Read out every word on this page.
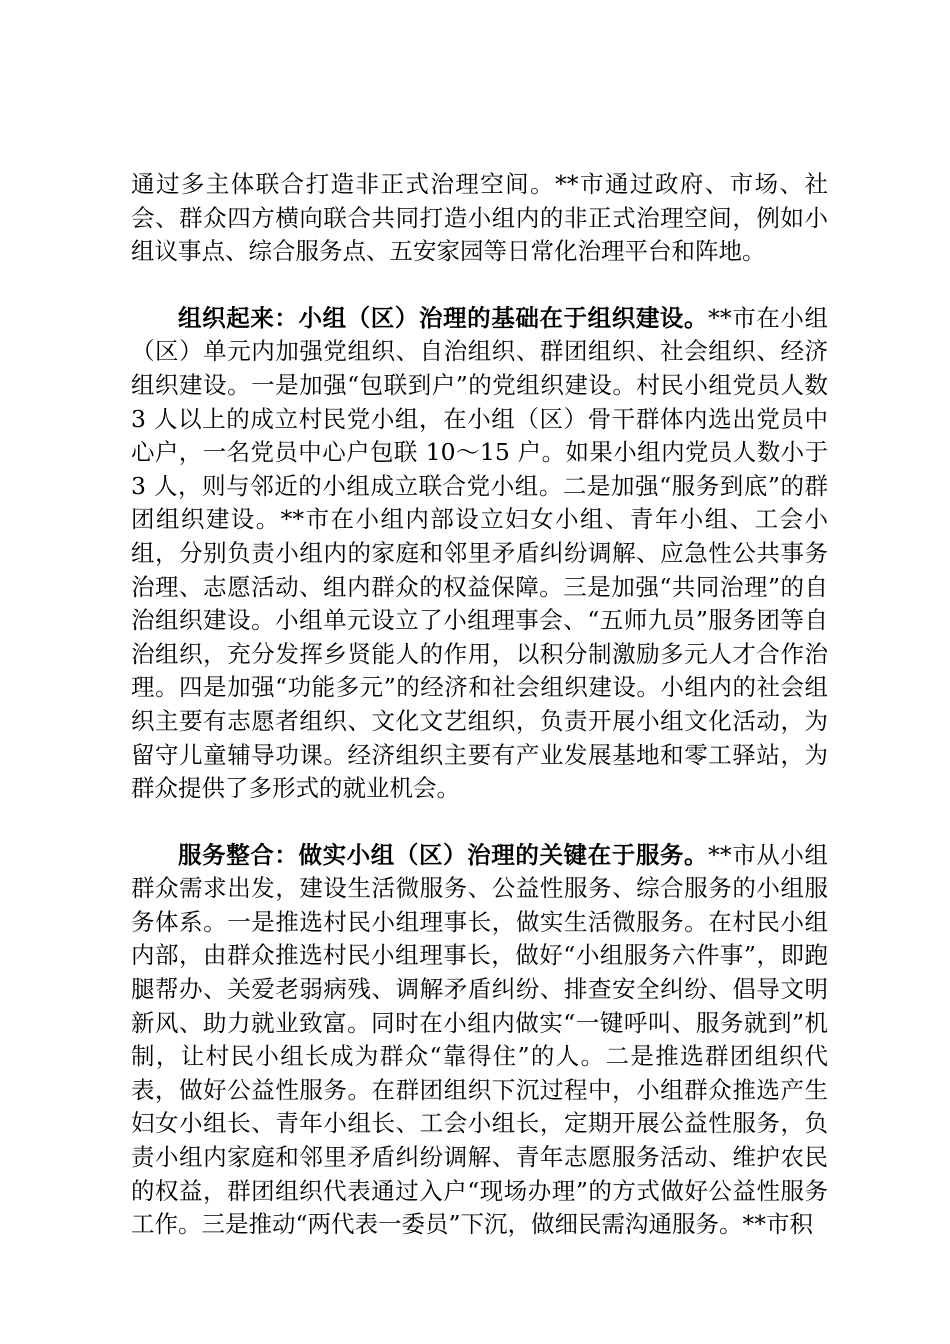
通过多主体联合打造非正式治理空间。**市通过政府、市场、社会、群众四方横向联合共同打造小组内的非正式治理空间，例如小组议事点、综合服务点、五安家园等日常化治理平台和阵地。

组织起来：小组（区）治理的基础在于组织建设。**市在小组（区）单元内加强党组织、自治组织、群团组织、社会组织、经济组织建设。一是加强“包联到户”的党组织建设。村民小组党员人数 3 人以上的成立村民党小组，在小组（区）骨干群体内选出党员中心户，一名党员中心户包联 10～15 户。如果小组内党员人数小于 3 人，则与邻近的小组成立联合党小组。二是加强“服务到底”的群团组织建设。**市在小组内部设立妇女小组、青年小组、工会小组，分别负责小组内的家庭和邻里矛盾纠纷调解、应急性公共事务治理、志愿活动、组内群众的权益保障。三是加强“共同治理”的自治组织建设。小组单元设立了小组理事会、“五师九员”服务团等自治组织，充分发挥乡贤能人的作用，以积分制激励多元人才合作治理。四是加强“功能多元”的经济和社会组织建设。小组内的社会组织主要有志愿者组织、文化文艺组织，负责开展小组文化活动，为留守儿童辅导功课。经济组织主要有产业发展基地和零工驿站，为群众提供了多形式的就业机会。

服务整合：做实小组（区）治理的关键在于服务。**市从小组群众需求出发，建设生活微服务、公益性服务、综合服务的小组服务体系。一是推选村民小组理事长，做实生活微服务。在村民小组内部，由群众推选村民小组理事长，做好“小组服务六件事”，即跑腿帮办、关爱老弱病残、调解矛盾纠纷、排查安全纠纷、倡导文明新风、助力就业致富。同时在小组内做实“一键呼叫、服务就到”机制，让村民小组长成为群众“靠得住”的人。二是推选群团组织代表，做好公益性服务。在群团组织下沉过程中，小组群众推选产生妇女小组长、青年小组长、工会小组长，定期开展公益性服务，负责小组内家庭和邻里矛盾纠纷调解、青年志愿服务活动、维护农民的权益，群团组织代表通过入户“现场办理”的方式做好公益性服务工作。三是推动“两代表一委员”下沉，做细民需沟通服务。**市积
